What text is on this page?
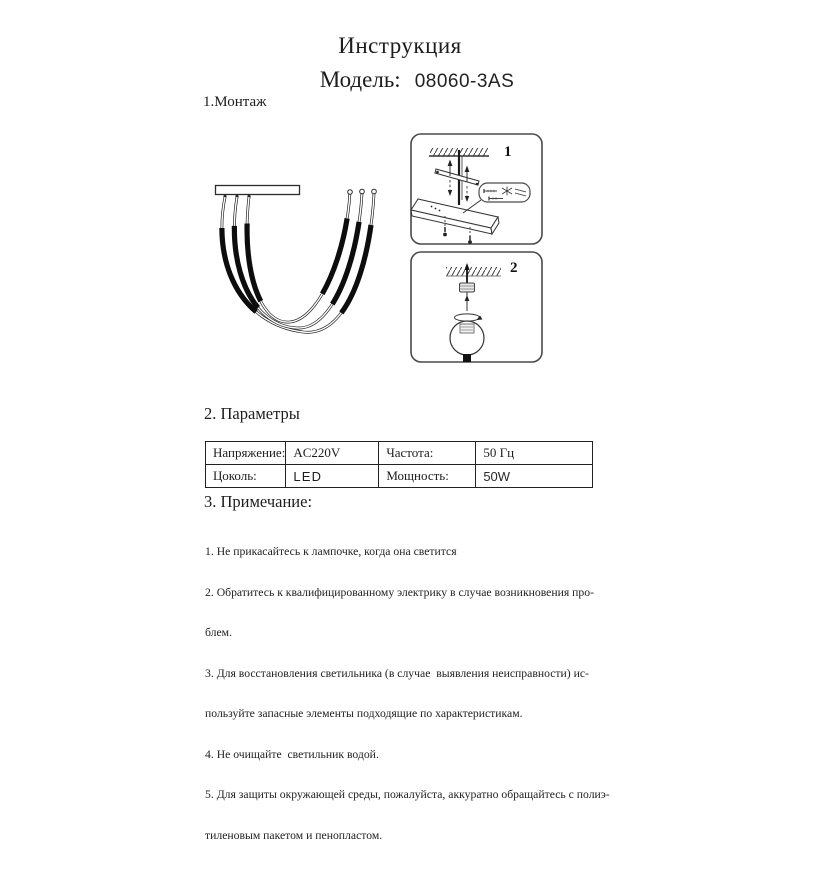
Инструкция
Модель: 08060-3AS
1.Монтаж
1
2
2. Параметры
Напряжение:	AC220V	Частота:	50 Гц
Цоколь:	LED	Мощность:	50W
3. Примечание:

1. Не прикасайтесь к лампочке, когда она светится

2. Обратитесь к квалифицированному электрику в случае возникновения про-

блем.

3. Для восстановления светильника (в случае  выявления неисправности) ис-

пользуйте запасные элементы подходящие по характеристикам.

4. Не очищайте  светильник водой.

5. Для защиты окружающей среды, пожалуйста, аккуратно обращайтесь с полиэ-

тиленовым пакетом и пенопластом.
